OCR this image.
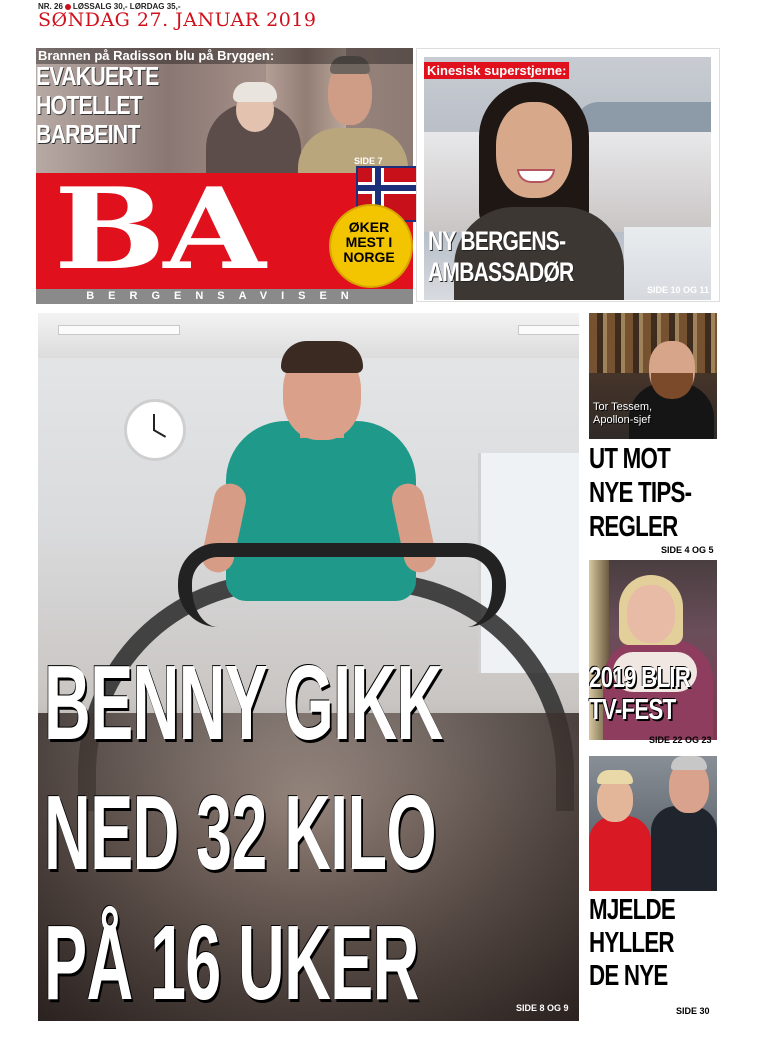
NR. 26 LØSSALG 30,- LØRDAG 35,-
SØNDAG 27. JANUAR 2019
Brannen på Radisson blu på Bryggen:
EVAKUERTE
HOTELLET
BARBEINT
SIDE 7
BA
BERGENSAVISEN
ØKER
MEST I
NORGE
Kinesisk superstjerne:
NY BERGENS-
AMBASSADØR
SIDE 10 OG 11
BENNY GIKK
NED 32 KILO
PÅ 16 UKER	SIDE 8 OG 9
Tor Tessem,
Apollon-sjef
UT MOT
NYE TIPS-
REGLER
SIDE 4 OG 5
2019 BLIR
TV-FEST
SIDE 22 OG 23
MJELDE
HYLLER
DE NYE
SIDE 30
